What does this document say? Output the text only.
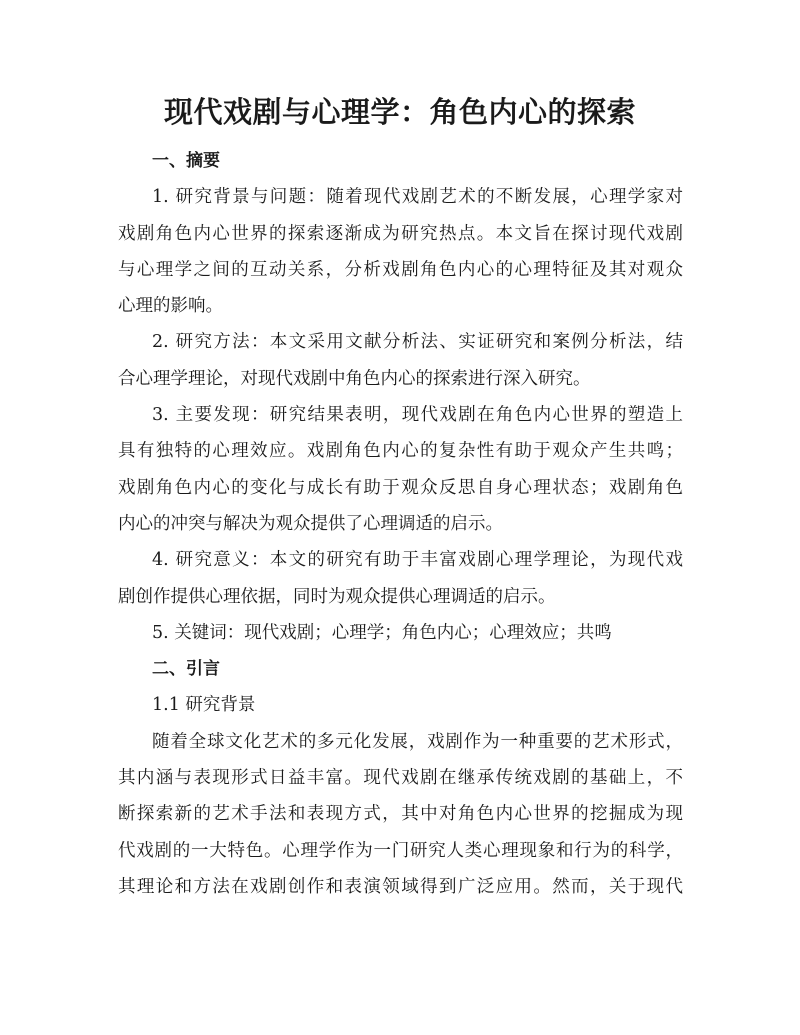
现代戏剧与心理学：角色内心的探索
一、摘要
1. 研究背景与问题：随着现代戏剧艺术的不断发展，心理学家对
戏剧角色内心世界的探索逐渐成为研究热点。本文旨在探讨现代戏剧
与心理学之间的互动关系，分析戏剧角色内心的心理特征及其对观众
心理的影响。
2. 研究方法：本文采用文献分析法、实证研究和案例分析法，结
合心理学理论，对现代戏剧中角色内心的探索进行深入研究。
3. 主要发现：研究结果表明，现代戏剧在角色内心世界的塑造上
具有独特的心理效应。戏剧角色内心的复杂性有助于观众产生共鸣；
戏剧角色内心的变化与成长有助于观众反思自身心理状态；戏剧角色
内心的冲突与解决为观众提供了心理调适的启示。
4. 研究意义：本文的研究有助于丰富戏剧心理学理论，为现代戏
剧创作提供心理依据，同时为观众提供心理调适的启示。
5. 关键词：现代戏剧；心理学；角色内心；心理效应；共鸣
二、引言
1.1 研究背景
随着全球文化艺术的多元化发展，戏剧作为一种重要的艺术形式，
其内涵与表现形式日益丰富。现代戏剧在继承传统戏剧的基础上，不
断探索新的艺术手法和表现方式，其中对角色内心世界的挖掘成为现
代戏剧的一大特色。心理学作为一门研究人类心理现象和行为的科学，
其理论和方法在戏剧创作和表演领域得到广泛应用。然而，关于现代
